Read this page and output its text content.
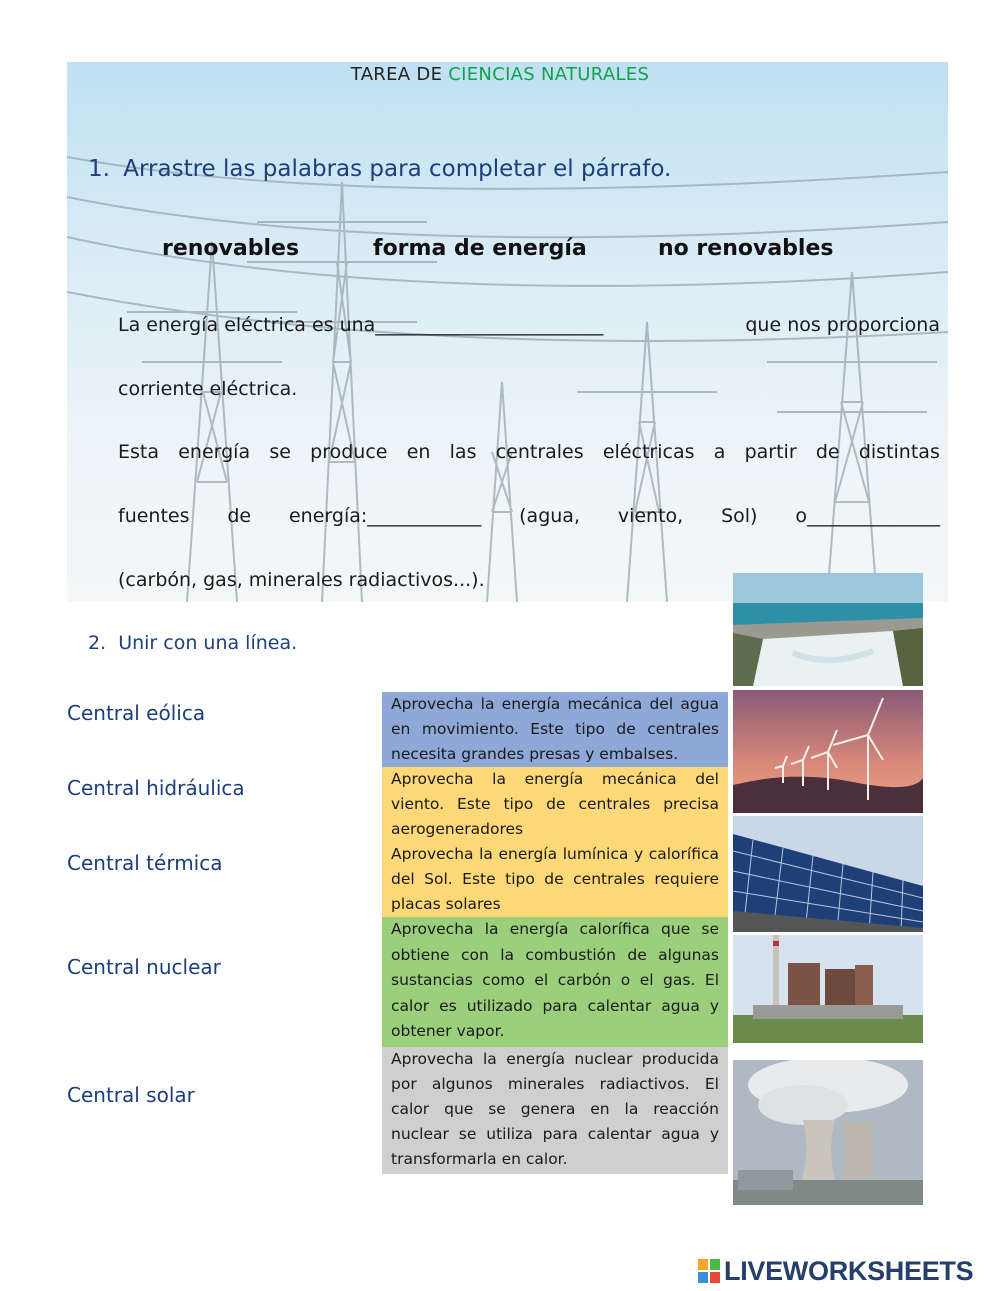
TAREA DE CIENCIAS NATURALES
1. Arrastre las palabras para completar el párrafo.
renovables	forma de energía	no renovables
La energía eléctrica es una________________________	que nos proporciona
corriente eléctrica.
Esta energía se produce en las centrales eléctricas a partir de distintas
fuentes de energía:____________ (agua, viento, Sol) o______________
(carbón, gas, minerales radiactivos...).
2. Unir con una línea.
Central eólica
Central hidráulica
Central térmica
Central nuclear
Central solar
Aprovecha la energía mecánica del agua en movimiento. Este tipo de centrales necesita grandes presas y embalses.
Aprovecha la energía mecánica del viento. Este tipo de centrales precisa aerogeneradores
Aprovecha la energía lumínica y calorífica del Sol. Este tipo de centrales requiere placas solares
Aprovecha la energía calorífica que se obtiene con la combustión de algunas sustancias como el carbón o el gas. El calor es utilizado para calentar agua y obtener vapor.
Aprovecha la energía nuclear producida por algunos minerales radiactivos. El calor que se genera en la reacción nuclear se utiliza para calentar agua y transformarla en calor.
LIVEWORKSHEETS
